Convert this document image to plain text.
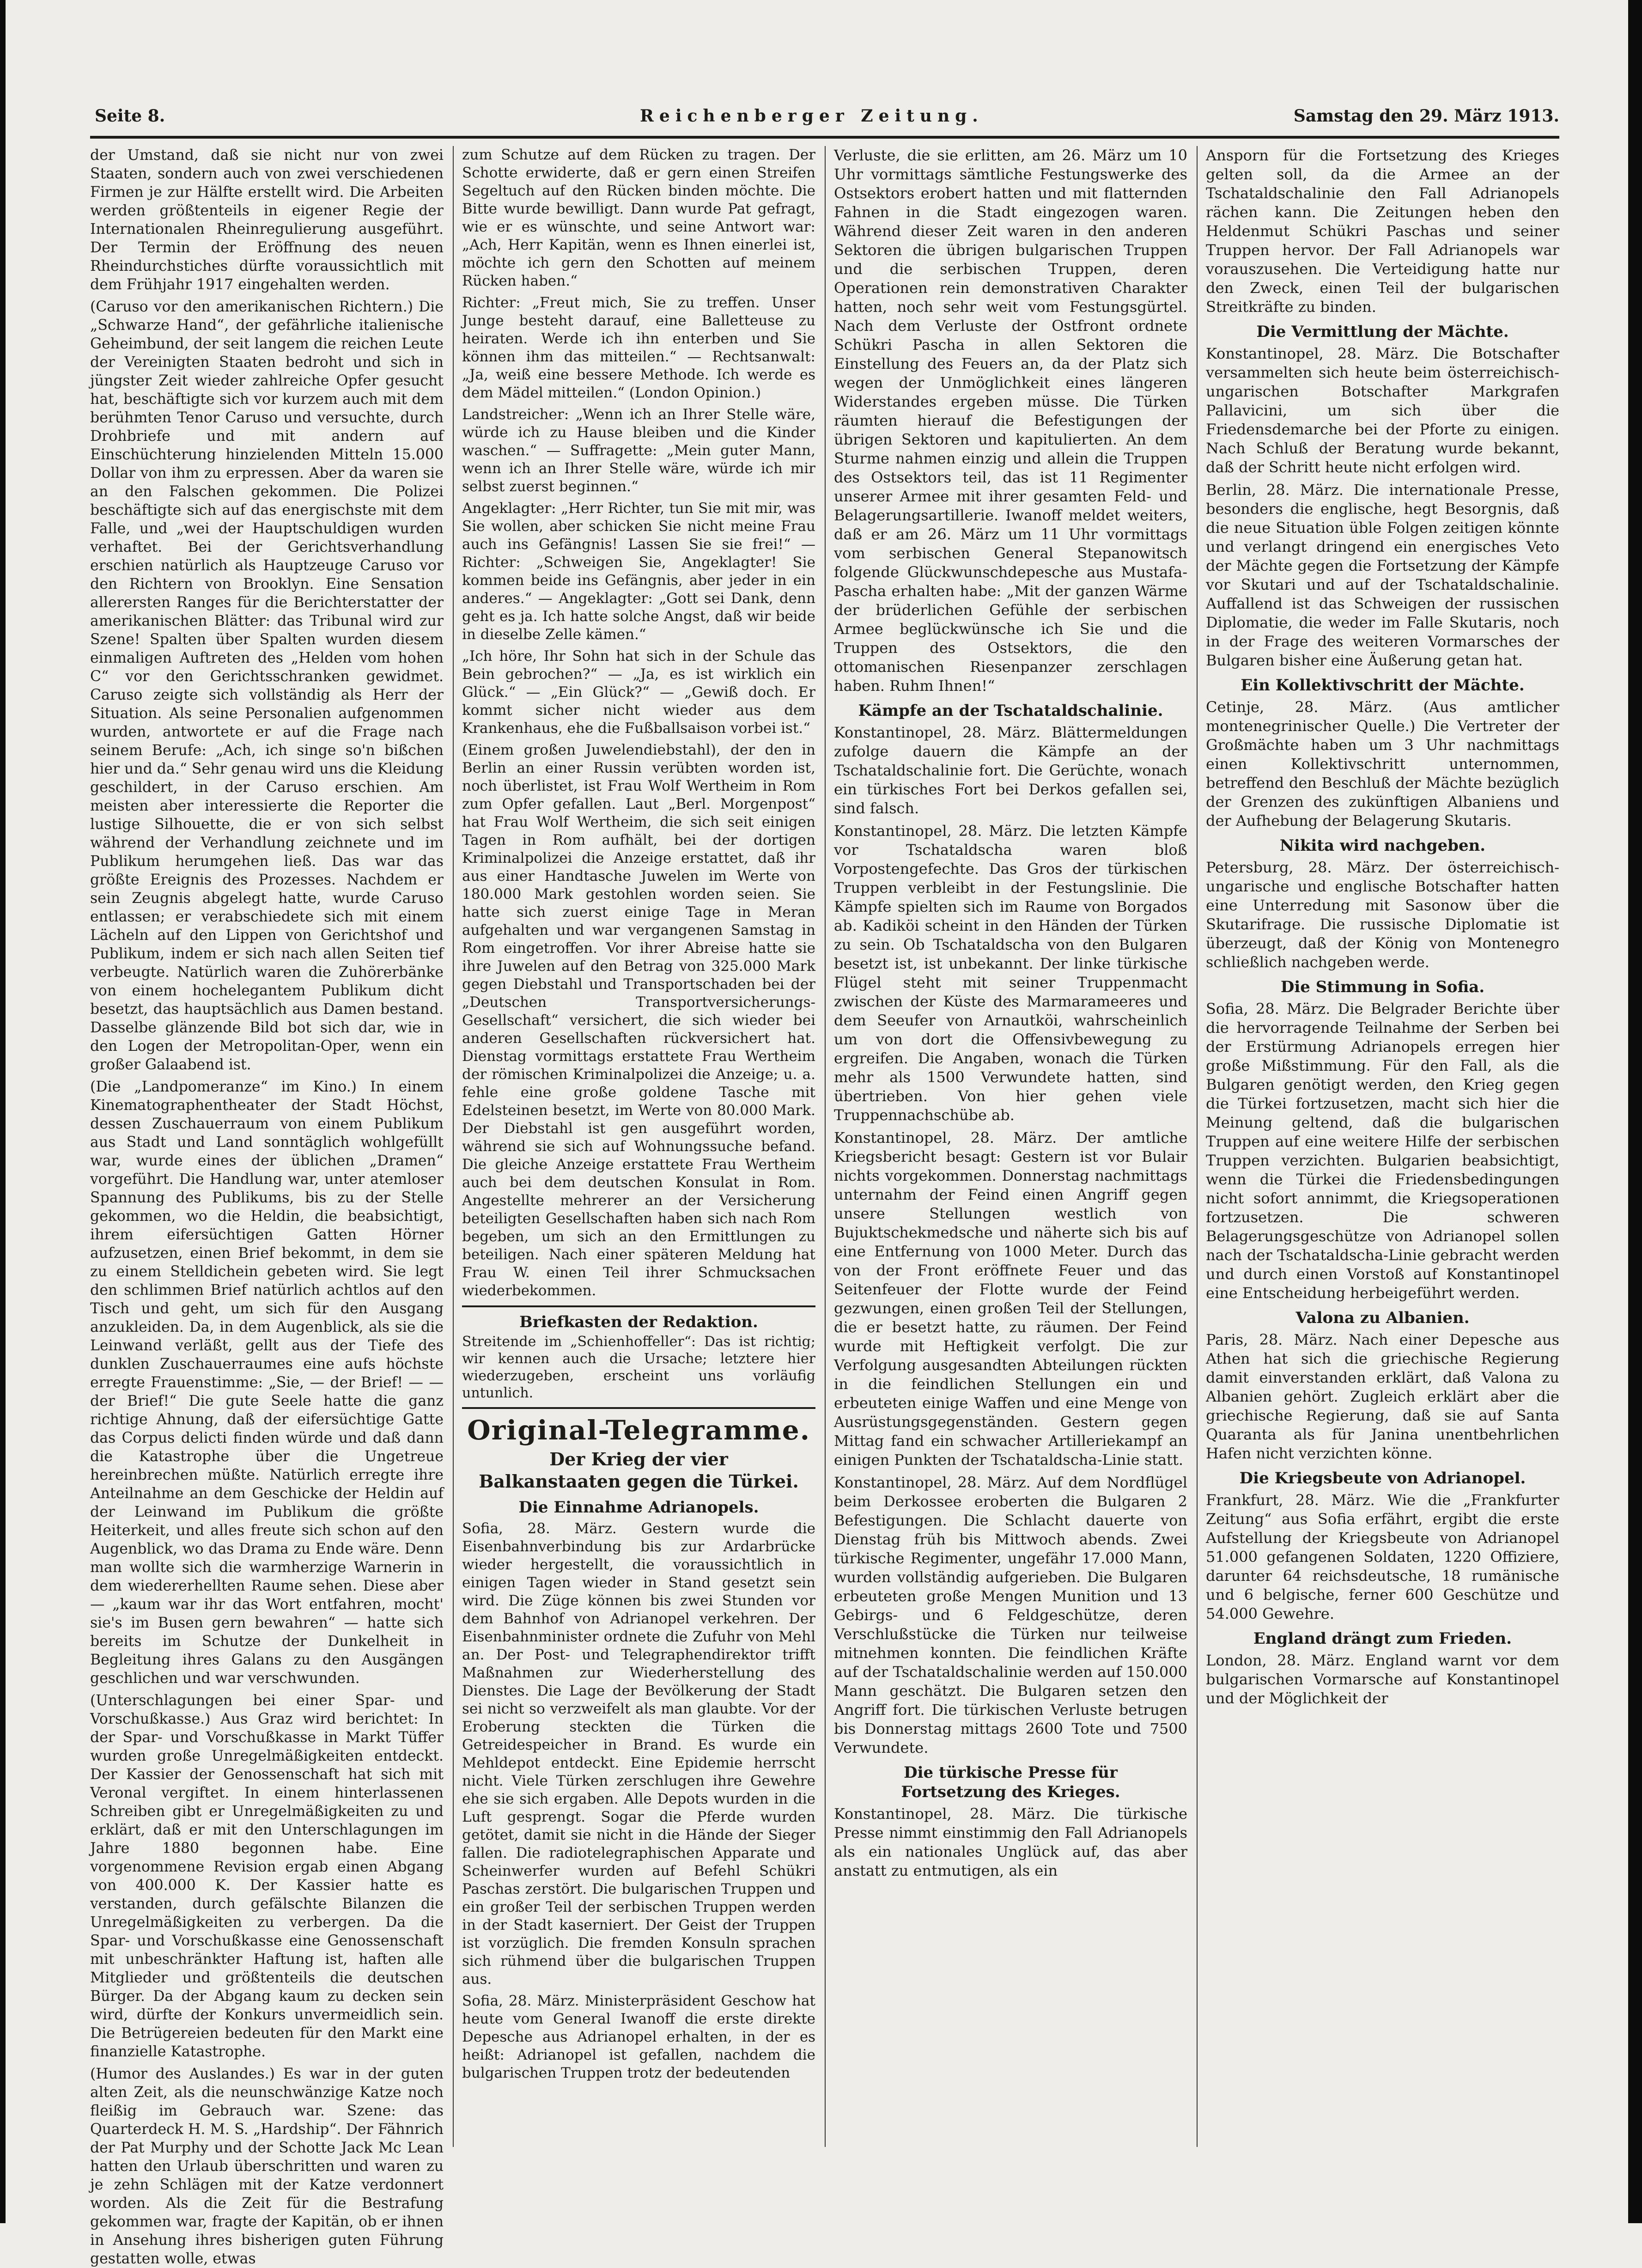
Seite 8.	Reichenberger Zeitung.	Samstag den 29. März 1913.

der Umstand, daß sie nicht nur von zwei Staaten, sondern auch von zwei verschiedenen Firmen je zur Hälfte erstellt wird. Die Arbeiten werden größtenteils in eigener Regie der Internationalen Rheinregulierung ausgeführt. Der Termin der Eröffnung des neuen Rheindurchstiches dürfte voraussichtlich mit dem Frühjahr 1917 eingehalten werden.

(Caruso vor den amerikanischen Richtern.) Die „Schwarze Hand“, der gefährliche italienische Geheimbund, der seit langem die reichen Leute der Vereinigten Staaten bedroht und sich in jüngster Zeit wieder zahlreiche Opfer gesucht hat, beschäftigte sich vor kurzem auch mit dem berühmten Tenor Caruso und versuchte, durch Drohbriefe und mit andern auf Einschüchterung hinzielenden Mitteln 15.000 Dollar von ihm zu erpressen. Aber da waren sie an den Falschen gekommen. Die Polizei beschäftigte sich auf das energischste mit dem Falle, und „wei der Hauptschuldigen wurden verhaftet. Bei der Gerichtsverhandlung erschien natürlich als Hauptzeuge Caruso vor den Richtern von Brooklyn. Eine Sensation allerersten Ranges für die Berichterstatter der amerikanischen Blätter: das Tribunal wird zur Szene! Spalten über Spalten wurden diesem einmaligen Auftreten des „Helden vom hohen C“ vor den Gerichtsschranken gewidmet. Caruso zeigte sich vollständig als Herr der Situation. Als seine Personalien aufgenommen wurden, antwortete er auf die Frage nach seinem Berufe: „Ach, ich singe so'n bißchen hier und da.“ Sehr genau wird uns die Kleidung geschildert, in der Caruso erschien. Am meisten aber interessierte die Reporter die lustige Silhouette, die er von sich selbst während der Verhandlung zeichnete und im Publikum herumgehen ließ. Das war das größte Ereignis des Prozesses. Nachdem er sein Zeugnis abgelegt hatte, wurde Caruso entlassen; er verabschiedete sich mit einem Lächeln auf den Lippen von Gerichtshof und Publikum, indem er sich nach allen Seiten tief verbeugte. Natürlich waren die Zuhörerbänke von einem hochelegantem Publikum dicht besetzt, das hauptsächlich aus Damen bestand. Dasselbe glänzende Bild bot sich dar, wie in den Logen der Metropolitan-Oper, wenn ein großer Galaabend ist.

(Die „Landpomeranze“ im Kino.) In einem Kinematographentheater der Stadt Höchst, dessen Zuschauerraum von einem Publikum aus Stadt und Land sonntäglich wohlgefüllt war, wurde eines der üblichen „Dramen“ vorgeführt. Die Handlung war, unter atemloser Spannung des Publikums, bis zu der Stelle gekommen, wo die Heldin, die beabsichtigt, ihrem eifersüchtigen Gatten Hörner aufzusetzen, einen Brief bekommt, in dem sie zu einem Stelldichein gebeten wird. Sie legt den schlimmen Brief natürlich achtlos auf den Tisch und geht, um sich für den Ausgang anzukleiden. Da, in dem Augenblick, als sie die Leinwand verläßt, gellt aus der Tiefe des dunklen Zuschauerraumes eine aufs höchste erregte Frauenstimme: „Sie, — der Brief! — — der Brief!“ Die gute Seele hatte die ganz richtige Ahnung, daß der eifersüchtige Gatte das Corpus delicti finden würde und daß dann die Katastrophe über die Ungetreue hereinbrechen müßte. Natürlich erregte ihre Anteilnahme an dem Geschicke der Heldin auf der Leinwand im Publikum die größte Heiterkeit, und alles freute sich schon auf den Augenblick, wo das Drama zu Ende wäre. Denn man wollte sich die warmherzige Warnerin in dem wiedererhellten Raume sehen. Diese aber — „kaum war ihr das Wort entfahren, mocht' sie's im Busen gern bewahren“ — hatte sich bereits im Schutze der Dunkelheit in Begleitung ihres Galans zu den Ausgängen geschlichen und war verschwunden.

(Unterschlagungen bei einer Spar- und Vorschußkasse.) Aus Graz wird berichtet: In der Spar- und Vorschußkasse in Markt Tüffer wurden große Unregelmäßigkeiten entdeckt. Der Kassier der Genossenschaft hat sich mit Veronal vergiftet. In einem hinterlassenen Schreiben gibt er Unregelmäßigkeiten zu und erklärt, daß er mit den Unterschlagungen im Jahre 1880 begonnen habe. Eine vorgenommene Revision ergab einen Abgang von 400.000 K. Der Kassier hatte es verstanden, durch gefälschte Bilanzen die Unregelmäßigkeiten zu verbergen. Da die Spar- und Vorschußkasse eine Genossenschaft mit unbeschränkter Haftung ist, haften alle Mitglieder und größtenteils die deutschen Bürger. Da der Abgang kaum zu decken sein wird, dürfte der Konkurs unvermeidlich sein. Die Betrügereien bedeuten für den Markt eine finanzielle Katastrophe.

(Humor des Auslandes.) Es war in der guten alten Zeit, als die neunschwänzige Katze noch fleißig im Gebrauch war. Szene: das Quarterdeck H. M. S. „Hardship“. Der Fähnrich der Pat Murphy und der Schotte Jack Mc Lean hatten den Urlaub überschritten und waren zu je zehn Schlägen mit der Katze verdonnert worden. Als die Zeit für die Bestrafung gekommen war, fragte der Kapitän, ob er ihnen in Ansehung ihres bisherigen guten Führung gestatten wolle, etwas

zum Schutze auf dem Rücken zu tragen. Der Schotte erwiderte, daß er gern einen Streifen Segeltuch auf den Rücken binden möchte. Die Bitte wurde bewilligt. Dann wurde Pat gefragt, wie er es wünschte, und seine Antwort war: „Ach, Herr Kapitän, wenn es Ihnen einerlei ist, möchte ich gern den Schotten auf meinem Rücken haben.“

Richter: „Freut mich, Sie zu treffen. Unser Junge besteht darauf, eine Balletteuse zu heiraten. Werde ich ihn enterben und Sie können ihm das mitteilen.“ — Rechtsanwalt: „Ja, weiß eine bessere Methode. Ich werde es dem Mädel mitteilen.“ (London Opinion.)

Landstreicher: „Wenn ich an Ihrer Stelle wäre, würde ich zu Hause bleiben und die Kinder waschen.“ — Suffragette: „Mein guter Mann, wenn ich an Ihrer Stelle wäre, würde ich mir selbst zuerst beginnen.“

Angeklagter: „Herr Richter, tun Sie mit mir, was Sie wollen, aber schicken Sie nicht meine Frau auch ins Gefängnis! Lassen Sie sie frei!“ — Richter: „Schweigen Sie, Angeklagter! Sie kommen beide ins Gefängnis, aber jeder in ein anderes.“ — Angeklagter: „Gott sei Dank, denn geht es ja. Ich hatte solche Angst, daß wir beide in dieselbe Zelle kämen.“

„Ich höre, Ihr Sohn hat sich in der Schule das Bein gebrochen?“ — „Ja, es ist wirklich ein Glück.“ — „Ein Glück?“ — „Gewiß doch. Er kommt sicher nicht wieder aus dem Krankenhaus, ehe die Fußballsaison vorbei ist.“

(Einem großen Juwelendiebstahl), der den in Berlin an einer Russin verübten worden ist, noch überlistet, ist Frau Wolf Wertheim in Rom zum Opfer gefallen. Laut „Berl. Morgenpost“ hat Frau Wolf Wertheim, die sich seit einigen Tagen in Rom aufhält, bei der dortigen Kriminalpolizei die Anzeige erstattet, daß ihr aus einer Handtasche Juwelen im Werte von 180.000 Mark gestohlen worden seien. Sie hatte sich zuerst einige Tage in Meran aufgehalten und war vergangenen Samstag in Rom eingetroffen. Vor ihrer Abreise hatte sie ihre Juwelen auf den Betrag von 325.000 Mark gegen Diebstahl und Transportschaden bei der „Deutschen Transportversicherungs-Gesellschaft“ versichert, die sich wieder bei anderen Gesellschaften rückversichert hat. Dienstag vormittags erstattete Frau Wertheim der römischen Kriminalpolizei die Anzeige; u. a. fehle eine große goldene Tasche mit Edelsteinen besetzt, im Werte von 80.000 Mark. Der Diebstahl ist gen ausgeführt worden, während sie sich auf Wohnungssuche befand. Die gleiche Anzeige erstattete Frau Wertheim auch bei dem deutschen Konsulat in Rom. Angestellte mehrerer an der Versicherung beteiligten Gesellschaften haben sich nach Rom begeben, um sich an den Ermittlungen zu beteiligen. Nach einer späteren Meldung hat Frau W. einen Teil ihrer Schmucksachen wiederbekommen.

Briefkasten der Redaktion.

Streitende im „Schienhoffeller“: Das ist richtig; wir kennen auch die Ursache; letztere hier wiederzugeben, erscheint uns vorläufig untunlich.

Original-Telegramme.
Der Krieg der vier
Balkanstaaten gegen die Türkei.
Die Einnahme Adrianopels.

Sofia, 28. März. Gestern wurde die Eisenbahnverbindung bis zur Ardarbrücke wieder hergestellt, die voraussichtlich in einigen Tagen wieder in Stand gesetzt sein wird. Die Züge können bis zwei Stunden vor dem Bahnhof von Adrianopel verkehren. Der Eisenbahnminister ordnete die Zufuhr von Mehl an. Der Post- und Telegraphendirektor trifft Maßnahmen zur Wiederherstellung des Dienstes. Die Lage der Bevölkerung der Stadt sei nicht so verzweifelt als man glaubte. Vor der Eroberung steckten die Türken die Getreidespeicher in Brand. Es wurde ein Mehldepot entdeckt. Eine Epidemie herrscht nicht. Viele Türken zerschlugen ihre Gewehre ehe sie sich ergaben. Alle Depots wurden in die Luft gesprengt. Sogar die Pferde wurden getötet, damit sie nicht in die Hände der Sieger fallen. Die radiotelegraphischen Apparate und Scheinwerfer wurden auf Befehl Schükri Paschas zerstört. Die bulgarischen Truppen und ein großer Teil der serbischen Truppen werden in der Stadt kaserniert. Der Geist der Truppen ist vorzüglich. Die fremden Konsuln sprachen sich rühmend über die bulgarischen Truppen aus.

Sofia, 28. März. Ministerpräsident Geschow hat heute vom General Iwanoff die erste direkte Depesche aus Adrianopel erhalten, in der es heißt: Adrianopel ist gefallen, nachdem die bulgarischen Truppen trotz der bedeutenden

Verluste, die sie erlitten, am 26. März um 10 Uhr vormittags sämtliche Festungswerke des Ostsektors erobert hatten und mit flatternden Fahnen in die Stadt eingezogen waren. Während dieser Zeit waren in den anderen Sektoren die übrigen bulgarischen Truppen und die serbischen Truppen, deren Operationen rein demonstrativen Charakter hatten, noch sehr weit vom Festungsgürtel. Nach dem Verluste der Ostfront ordnete Schükri Pascha in allen Sektoren die Einstellung des Feuers an, da der Platz sich wegen der Unmöglichkeit eines längeren Widerstandes ergeben müsse. Die Türken räumten hierauf die Befestigungen der übrigen Sektoren und kapitulierten. An dem Sturme nahmen einzig und allein die Truppen des Ostsektors teil, das ist 11 Regimenter unserer Armee mit ihrer gesamten Feld- und Belagerungsartillerie. Iwanoff meldet weiters, daß er am 26. März um 11 Uhr vormittags vom serbischen General Stepanowitsch folgende Glückwunschdepesche aus Mustafa-Pascha erhalten habe: „Mit der ganzen Wärme der brüderlichen Gefühle der serbischen Armee beglückwünsche ich Sie und die Truppen des Ostsektors, die den ottomanischen Riesenpanzer zerschlagen haben. Ruhm Ihnen!“

Kämpfe an der Tschataldschalinie.

Konstantinopel, 28. März. Blättermeldungen zufolge dauern die Kämpfe an der Tschataldschalinie fort. Die Gerüchte, wonach ein türkisches Fort bei Derkos gefallen sei, sind falsch.

Konstantinopel, 28. März. Die letzten Kämpfe vor Tschataldscha waren bloß Vorpostengefechte. Das Gros der türkischen Truppen verbleibt in der Festungslinie. Die Kämpfe spielten sich im Raume von Borgados ab. Kadiköi scheint in den Händen der Türken zu sein. Ob Tschataldscha von den Bulgaren besetzt ist, ist unbekannt. Der linke türkische Flügel steht mit seiner Truppenmacht zwischen der Küste des Marmarameeres und dem Seeufer von Arnautköi, wahrscheinlich um von dort die Offensivbewegung zu ergreifen. Die Angaben, wonach die Türken mehr als 1500 Verwundete hatten, sind übertrieben. Von hier gehen viele Truppennachschübe ab.

Konstantinopel, 28. März. Der amtliche Kriegsbericht besagt: Gestern ist vor Bulair nichts vorgekommen. Donnerstag nachmittags unternahm der Feind einen Angriff gegen unsere Stellungen westlich von Bujuktschekmedsche und näherte sich bis auf eine Entfernung von 1000 Meter. Durch das von der Front eröffnete Feuer und das Seitenfeuer der Flotte wurde der Feind gezwungen, einen großen Teil der Stellungen, die er besetzt hatte, zu räumen. Der Feind wurde mit Heftigkeit verfolgt. Die zur Verfolgung ausgesandten Abteilungen rückten in die feindlichen Stellungen ein und erbeuteten einige Waffen und eine Menge von Ausrüstungsgegenständen. Gestern gegen Mittag fand ein schwacher Artilleriekampf an einigen Punkten der Tschataldscha-Linie statt.

Konstantinopel, 28. März. Auf dem Nordflügel beim Derkossee eroberten die Bulgaren 2 Befestigungen. Die Schlacht dauerte von Dienstag früh bis Mittwoch abends. Zwei türkische Regimenter, ungefähr 17.000 Mann, wurden vollständig aufgerieben. Die Bulgaren erbeuteten große Mengen Munition und 13 Gebirgs- und 6 Feldgeschütze, deren Verschlußstücke die Türken nur teilweise mitnehmen konnten. Die feindlichen Kräfte auf der Tschataldschalinie werden auf 150.000 Mann geschätzt. Die Bulgaren setzen den Angriff fort. Die türkischen Verluste betrugen bis Donnerstag mittags 2600 Tote und 7500 Verwundete.

Die türkische Presse für
Fortsetzung des Krieges.

Konstantinopel, 28. März. Die türkische Presse nimmt einstimmig den Fall Adrianopels als ein nationales Unglück auf, das aber anstatt zu entmutigen, als ein

Ansporn für die Fortsetzung des Krieges gelten soll, da die Armee an der Tschataldschalinie den Fall Adrianopels rächen kann. Die Zeitungen heben den Heldenmut Schükri Paschas und seiner Truppen hervor. Der Fall Adrianopels war vorauszusehen. Die Verteidigung hatte nur den Zweck, einen Teil der bulgarischen Streitkräfte zu binden.

Die Vermittlung der Mächte.

Konstantinopel, 28. März. Die Botschafter versammelten sich heute beim österreichisch-ungarischen Botschafter Markgrafen Pallavicini, um sich über die Friedensdemarche bei der Pforte zu einigen. Nach Schluß der Beratung wurde bekannt, daß der Schritt heute nicht erfolgen wird.

Berlin, 28. März. Die internationale Presse, besonders die englische, hegt Besorgnis, daß die neue Situation üble Folgen zeitigen könnte und verlangt dringend ein energisches Veto der Mächte gegen die Fortsetzung der Kämpfe vor Skutari und auf der Tschataldschalinie. Auffallend ist das Schweigen der russischen Diplomatie, die weder im Falle Skutaris, noch in der Frage des weiteren Vormarsches der Bulgaren bisher eine Äußerung getan hat.

Ein Kollektivschritt der Mächte.

Cetinje, 28. März. (Aus amtlicher montenegrinischer Quelle.) Die Vertreter der Großmächte haben um 3 Uhr nachmittags einen Kollektivschritt unternommen, betreffend den Beschluß der Mächte bezüglich der Grenzen des zukünftigen Albaniens und der Aufhebung der Belagerung Skutaris.

Nikita wird nachgeben.

Petersburg, 28. März. Der österreichisch-ungarische und englische Botschafter hatten eine Unterredung mit Sasonow über die Skutarifrage. Die russische Diplomatie ist überzeugt, daß der König von Montenegro schließlich nachgeben werde.

Die Stimmung in Sofia.

Sofia, 28. März. Die Belgrader Berichte über die hervorragende Teilnahme der Serben bei der Erstürmung Adrianopels erregen hier große Mißstimmung. Für den Fall, als die Bulgaren genötigt werden, den Krieg gegen die Türkei fortzusetzen, macht sich hier die Meinung geltend, daß die bulgarischen Truppen auf eine weitere Hilfe der serbischen Truppen verzichten. Bulgarien beabsichtigt, wenn die Türkei die Friedensbedingungen nicht sofort annimmt, die Kriegsoperationen fortzusetzen. Die schweren Belagerungsgeschütze von Adrianopel sollen nach der Tschataldscha-Linie gebracht werden und durch einen Vorstoß auf Konstantinopel eine Entscheidung herbeigeführt werden.

Valona zu Albanien.

Paris, 28. März. Nach einer Depesche aus Athen hat sich die griechische Regierung damit einverstanden erklärt, daß Valona zu Albanien gehört. Zugleich erklärt aber die griechische Regierung, daß sie auf Santa Quaranta als für Janina unentbehrlichen Hafen nicht verzichten könne.

Die Kriegsbeute von Adrianopel.

Frankfurt, 28. März. Wie die „Frankfurter Zeitung“ aus Sofia erfährt, ergibt die erste Aufstellung der Kriegsbeute von Adrianopel 51.000 gefangenen Soldaten, 1220 Offiziere, darunter 64 reichsdeutsche, 18 rumänische und 6 belgische, ferner 600 Geschütze und 54.000 Gewehre.

England drängt zum Frieden.

London, 28. März. England warnt vor dem bulgarischen Vormarsche auf Konstantinopel und der Möglichkeit der
